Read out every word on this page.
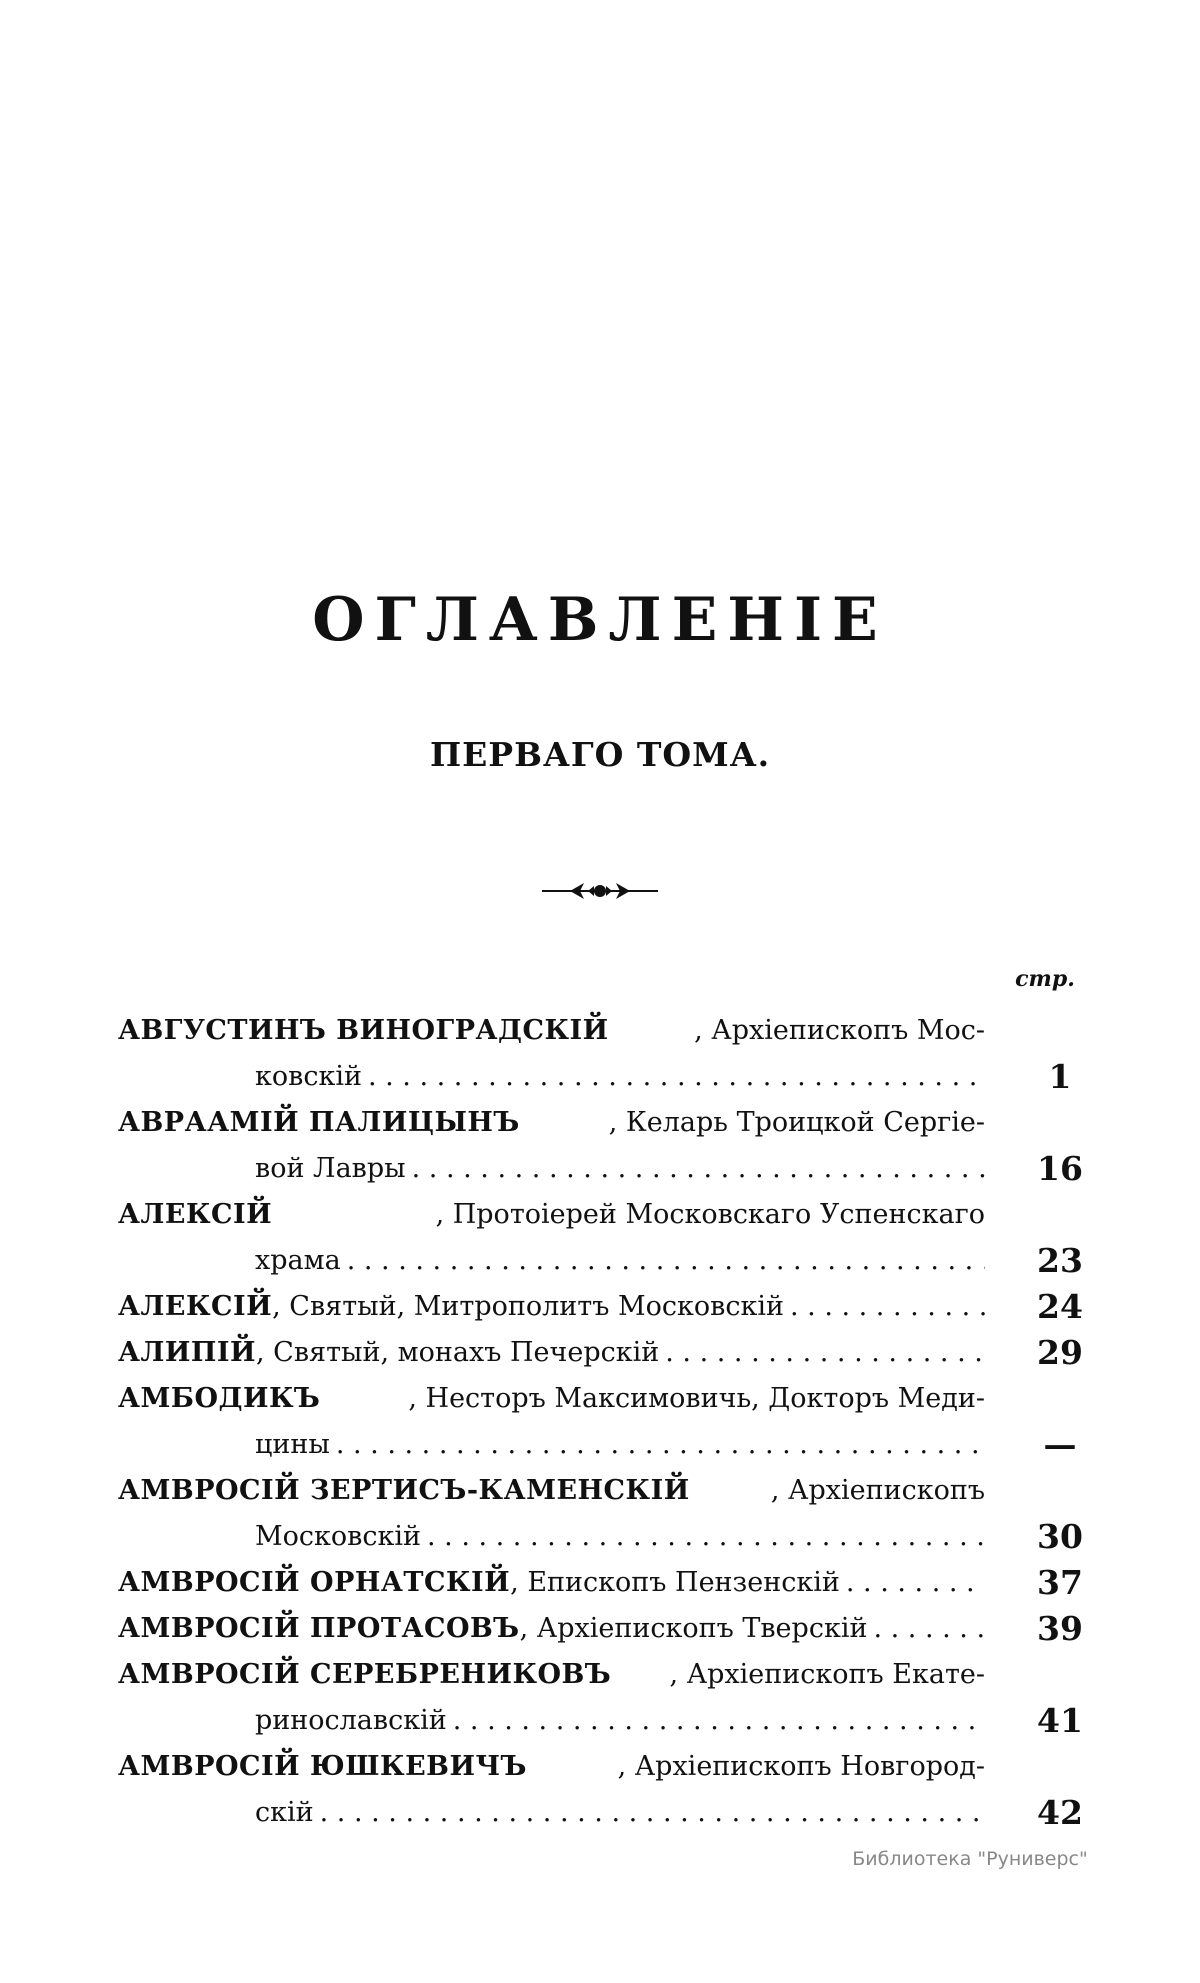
ОГЛАВЛЕНІЕ
ПЕРВАГО ТОМА.
стр.
АВГУСТИНЪ ВИНОГРАДСКІЙ	, Архіепископъ Мос-
ковскій . . .	1
АВРААМІЙ ПАЛИЦЫНЪ	, Келарь Троицкой Сергіе-
вой Лавры . . .	16
АЛЕКСІЙ	, Протоіерей Московскаго Успенскаго
храма . . .	23
АЛЕКСІЙ , Святый, Митрополитъ Московскій . . .	24
АЛИПІЙ , Святый, монахъ Печерскій . . .	29
АМБОДИКЪ	, Несторъ Максимовичь, Докторъ Меди-
цины . . .	—
АМВРОСІЙ ЗЕРТИСЪ-КАМЕНСКІЙ	, Архіепископъ
Московскій . . .	30
АМВРОСІЙ ОРНАТСКІЙ , Епископъ Пензенскій . . .	37
АМВРОСІЙ ПРОТАСОВЪ , Архіепископъ Тверскій . . .	39
АМВРОСІЙ СЕРЕБРЕНИКОВЪ , Архіепископъ Екате-
ринославскій . . .	41
АМВРОСІЙ ЮШКЕВИЧЪ	, Архіепископъ Новгород-
скій . . .	42
Библиотека "Руниверс"
